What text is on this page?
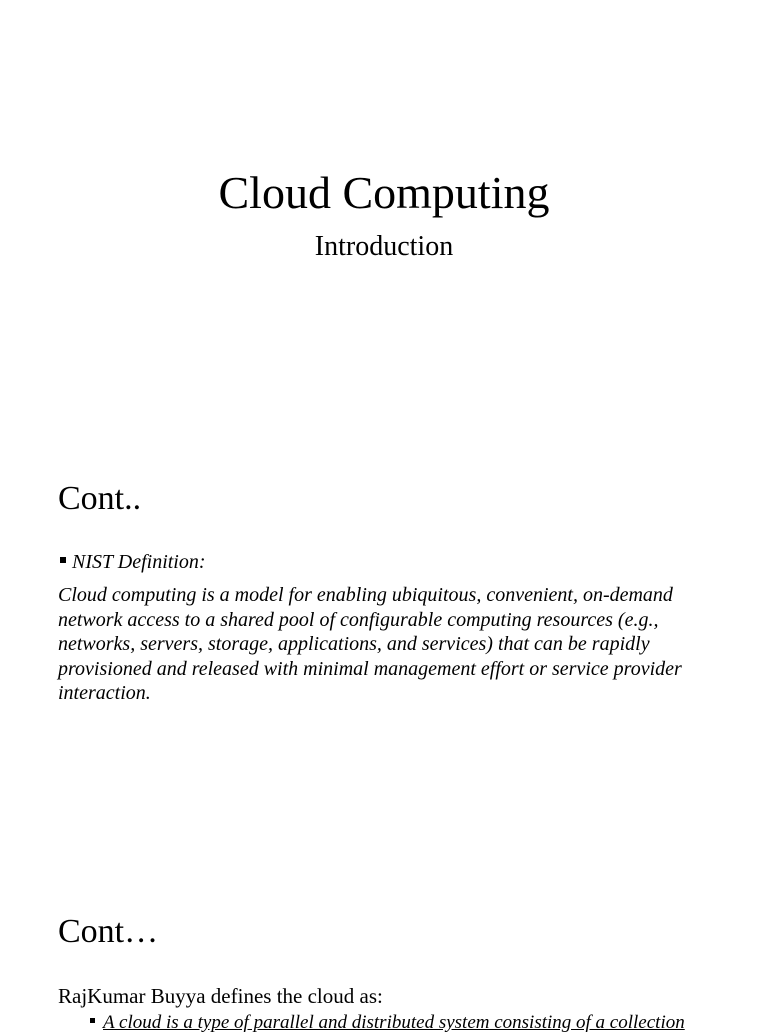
Cloud Computing
Introduction
Cont..
NIST Definition:

Cloud computing is a model for enabling ubiquitous, convenient, on-demand network access to a shared pool of configurable computing resources (e.g., networks, servers, storage, applications, and services) that can be rapidly provisioned and released with minimal management effort or service provider interaction.

Cont…
RajKumar Buyya defines the cloud as:
A cloud is a type of parallel and distributed system consisting of a collection
